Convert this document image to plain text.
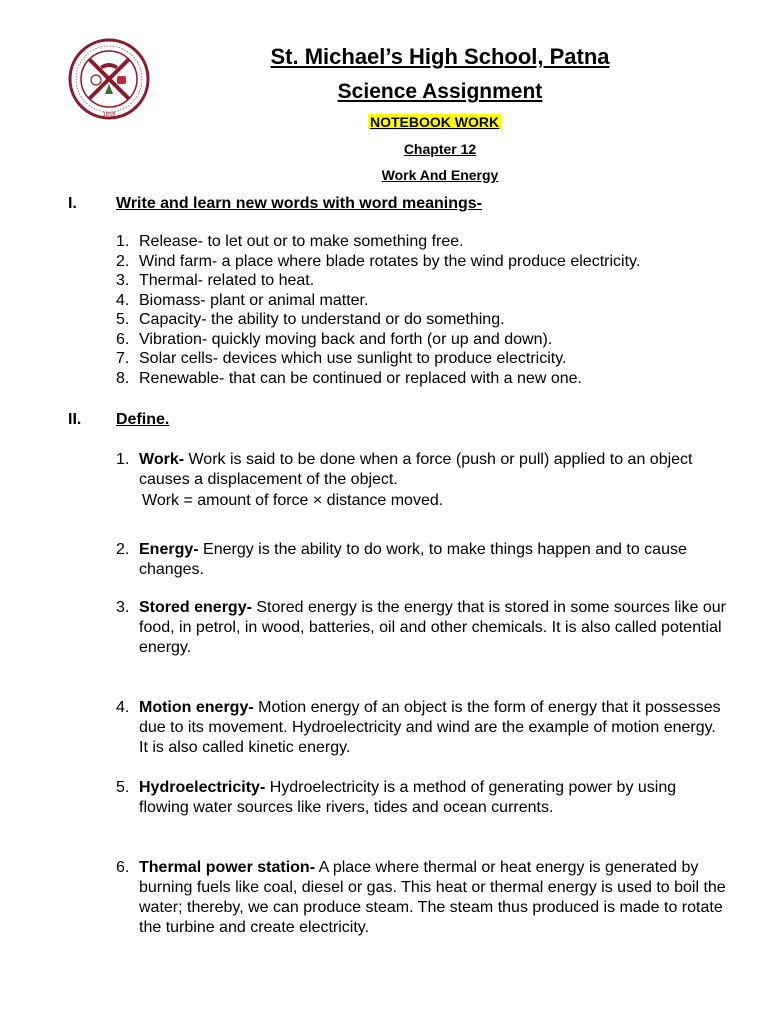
1858
St. Michael’s High School, Patna
Science Assignment
NOTEBOOK WORK
Chapter 12
Work And Energy
I. Write and learn new words with word meanings-
1. Release- to let out or to make something free.
2. Wind farm- a place where blade rotates by the wind produce electricity.
3. Thermal- related to heat.
4. Biomass- plant or animal matter.
5. Capacity- the ability to understand or do something.
6. Vibration- quickly moving back and forth (or up and down).
7. Solar cells- devices which use sunlight to produce electricity.
8. Renewable- that can be continued or replaced with a new one.
II. Define.
1. Work- Work is said to be done when a force (push or pull) applied to an object causes a displacement of the object.
Work = amount of force × distance moved.
2. Energy- Energy is the ability to do work, to make things happen and to cause changes.
3. Stored energy- Stored energy is the energy that is stored in some sources like our food, in petrol, in wood, batteries, oil and other chemicals. It is also called potential energy.
4. Motion energy- Motion energy of an object is the form of energy that it possesses due to its movement. Hydroelectricity and wind are the example of motion energy. It is also called kinetic energy.
5. Hydroelectricity- Hydroelectricity is a method of generating power by using flowing water sources like rivers, tides and ocean currents.
6. Thermal power station- A place where thermal or heat energy is generated by burning fuels like coal, diesel or gas. This heat or thermal energy is used to boil the water; thereby, we can produce steam. The steam thus produced is made to rotate the turbine and create electricity.
